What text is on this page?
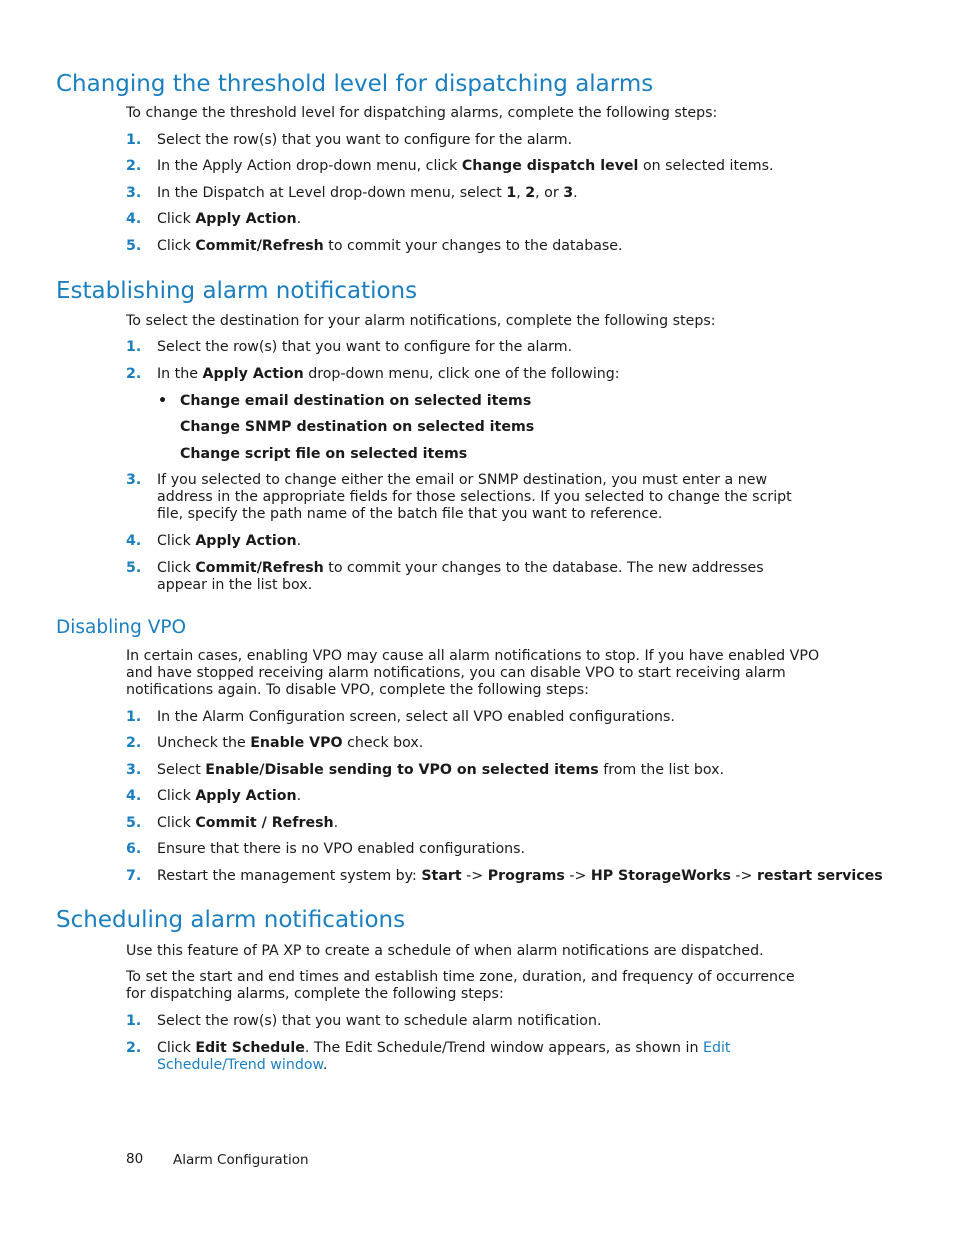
Changing the threshold level for dispatching alarms

To change the threshold level for dispatching alarms, complete the following steps:

1.	Select the row(s) that you want to configure for the alarm.
2.	In the Apply Action drop-down menu, click Change dispatch level on selected items.
3.	In the Dispatch at Level drop-down menu, select 1, 2, or 3.
4.	Click Apply Action.
5.	Click Commit/Refresh to commit your changes to the database.
Establishing alarm notifications

To select the destination for your alarm notifications, complete the following steps:

1.	Select the row(s) that you want to configure for the alarm.
2.	In the Apply Action drop-down menu, click one of the following:
• Change email destination on selected items
Change SNMP destination on selected items
Change script file on selected items
3.	If you selected to change either the email or SNMP destination, you must enter a new address in the appropriate fields for those selections. If you selected to change the script file, specify the path name of the batch file that you want to reference.
4.	Click Apply Action.
5.	Click Commit/Refresh to commit your changes to the database. The new addresses appear in the list box.
Disabling VPO

In certain cases, enabling VPO may cause all alarm notifications to stop. If you have enabled VPO and have stopped receiving alarm notifications, you can disable VPO to start receiving alarm notifications again. To disable VPO, complete the following steps:

1.	In the Alarm Configuration screen, select all VPO enabled configurations.
2.	Uncheck the Enable VPO check box.
3.	Select Enable/Disable sending to VPO on selected items from the list box.
4.	Click Apply Action.
5.	Click Commit / Refresh.
6.	Ensure that there is no VPO enabled configurations.
7.	Restart the management system by: Start -> Programs -> HP StorageWorks -> restart services
Scheduling alarm notifications

Use this feature of PA XP to create a schedule of when alarm notifications are dispatched.

To set the start and end times and establish time zone, duration, and frequency of occurrence for dispatching alarms, complete the following steps:

1.	Select the row(s) that you want to schedule alarm notification.
2.	Click Edit Schedule. The Edit Schedule/Trend window appears, as shown in Edit Schedule/Trend window.
80 Alarm Configuration
